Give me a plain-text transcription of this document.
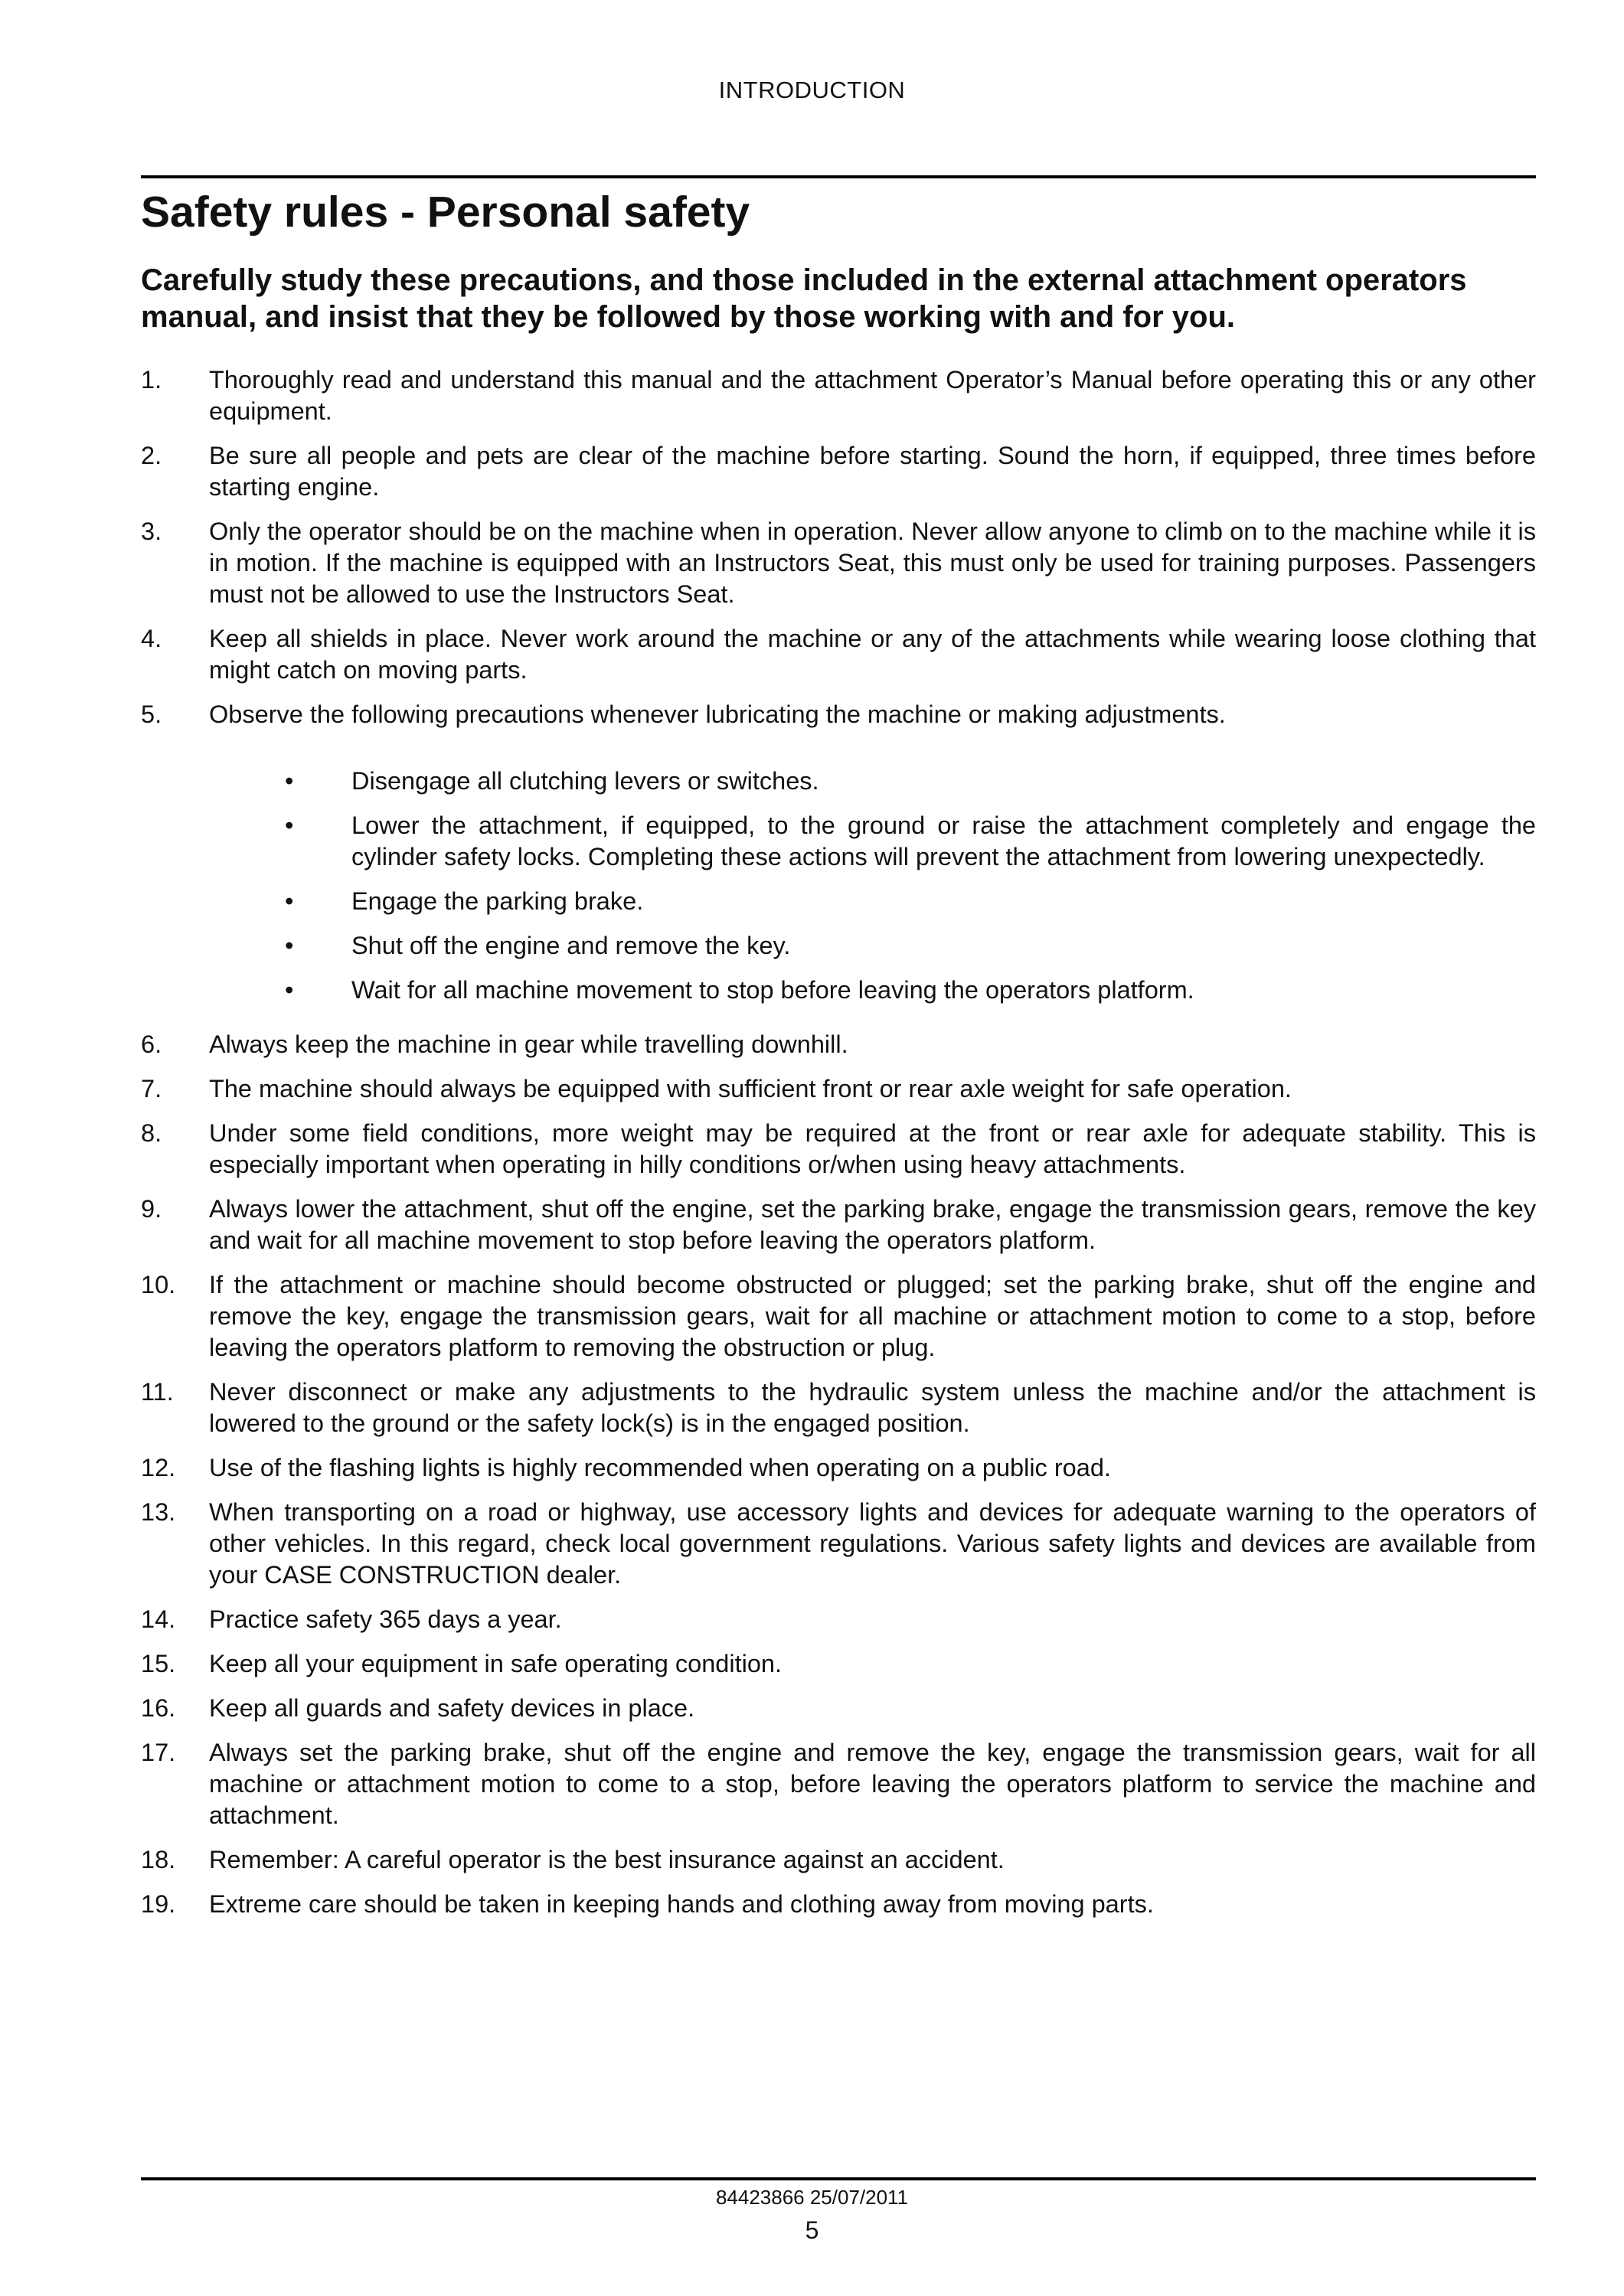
INTRODUCTION
Safety rules - Personal safety

Carefully study these precautions, and those included in the external attachment operators manual, and insist that they be followed by those working with and for you.

1. Thoroughly read and understand this manual and the attachment Operator’s Manual before operating this or any other equipment.
2. Be sure all people and pets are clear of the machine before starting. Sound the horn, if equipped, three times before starting engine.
3. Only the operator should be on the machine when in operation. Never allow anyone to climb on to the machine while it is in motion. If the machine is equipped with an Instructors Seat, this must only be used for training purposes. Passengers must not be allowed to use the Instructors Seat.
4. Keep all shields in place. Never work around the machine or any of the attachments while wearing loose clothing that might catch on moving parts.
5. Observe the following precautions whenever lubricating the machine or making adjustments.
• Disengage all clutching levers or switches.
• Lower the attachment, if equipped, to the ground or raise the attachment completely and engage the cylinder safety locks. Completing these actions will prevent the attachment from lowering unexpectedly.
• Engage the parking brake.
• Shut off the engine and remove the key.
• Wait for all machine movement to stop before leaving the operators platform.
6. Always keep the machine in gear while travelling downhill.
7. The machine should always be equipped with sufficient front or rear axle weight for safe operation.
8. Under some field conditions, more weight may be required at the front or rear axle for adequate stability. This is especially important when operating in hilly conditions or/when using heavy attachments.
9. Always lower the attachment, shut off the engine, set the parking brake, engage the transmission gears, remove the key and wait for all machine movement to stop before leaving the operators platform.
10. If the attachment or machine should become obstructed or plugged; set the parking brake, shut off the engine and remove the key, engage the transmission gears, wait for all machine or attachment motion to come to a stop, before leaving the operators platform to removing the obstruction or plug.
11. Never disconnect or make any adjustments to the hydraulic system unless the machine and/or the attachment is lowered to the ground or the safety lock(s) is in the engaged position.
12. Use of the flashing lights is highly recommended when operating on a public road.
13. When transporting on a road or highway, use accessory lights and devices for adequate warning to the operators of other vehicles. In this regard, check local government regulations. Various safety lights and devices are available from your CASE CONSTRUCTION dealer.
14. Practice safety 365 days a year.
15. Keep all your equipment in safe operating condition.
16. Keep all guards and safety devices in place.
17. Always set the parking brake, shut off the engine and remove the key, engage the transmission gears, wait for all machine or attachment motion to come to a stop, before leaving the operators platform to service the machine and attachment.
18. Remember: A careful operator is the best insurance against an accident.
19. Extreme care should be taken in keeping hands and clothing away from moving parts.
84423866 25/07/2011
5
